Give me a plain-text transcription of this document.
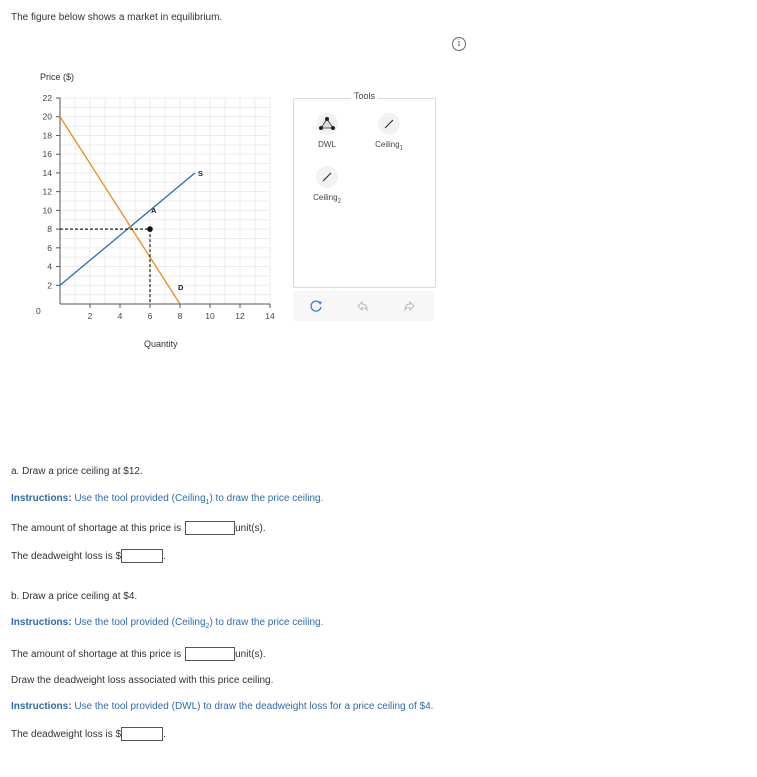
The figure below shows a market in equilibrium.
i
Price ($)
Quantity
2
4
6
8
10
12
14
16
18
20
22
0	2	4	6	8	10 12 14
S
D
A
Tools
DWL	Ceiling$_1$
Ceiling$_2$
a. Draw a price ceiling at $12.
Instructions: Use the tool provided (Ceiling$_1$) to draw the price ceiling.
The amount of shortage at this price is	unit(s).
The deadweight loss is $	.
b. Draw a price ceiling at $4.
Instructions: Use the tool provided (Ceiling$_2$) to draw the price ceiling.
The amount of shortage at this price is	unit(s).
Draw the deadweight loss associated with this price ceiling.
Instructions: Use the tool provided (DWL) to draw the deadweight loss for a price ceiling of $4.
The deadweight loss is $	.
